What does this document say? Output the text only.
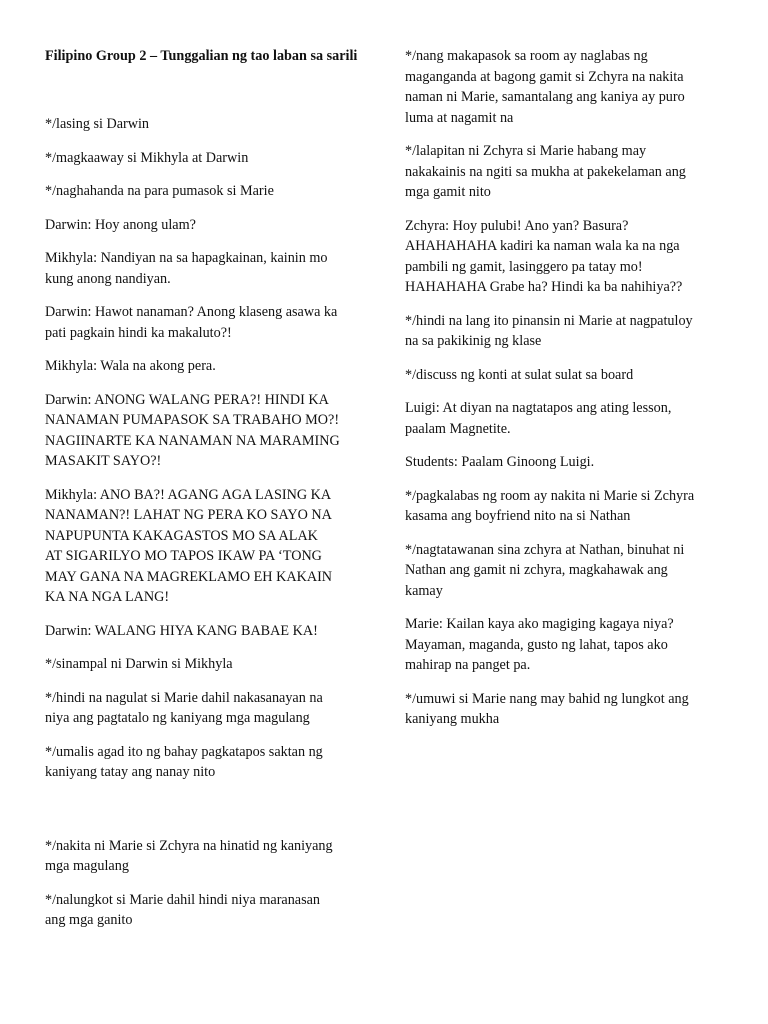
Filipino Group 2 – Tunggalian ng tao laban sa sarili

*/lasing si Darwin

*/magkaaway si Mikhyla at Darwin

*/naghahanda na para pumasok si Marie

Darwin: Hoy anong ulam?

Mikhyla: Nandiyan na sa hapagkainan, kainin mo
kung anong nandiyan.

Darwin: Hawot nanaman? Anong klaseng asawa ka
pati pagkain hindi ka makaluto?!

Mikhyla: Wala na akong pera.

Darwin: ANONG WALANG PERA?! HINDI KA
NANAMAN PUMAPASOK SA TRABAHO MO?!
NAGIINARTE KA NANAMAN NA MARAMING
MASAKIT SAYO?!

Mikhyla: ANO BA?! AGANG AGA LASING KA
NANAMAN?! LAHAT NG PERA KO SAYO NA
NAPUPUNTA KAKAGASTOS MO SA ALAK
AT SIGARILYO MO TAPOS IKAW PA ‘TONG
MAY GANA NA MAGREKLAMO EH KAKAIN
KA NA NGA LANG!

Darwin: WALANG HIYA KANG BABAE KA!

*/sinampal ni Darwin si Mikhyla

*/hindi na nagulat si Marie dahil nakasanayan na
niya ang pagtatalo ng kaniyang mga magulang

*/umalis agad ito ng bahay pagkatapos saktan ng
kaniyang tatay ang nanay nito

*/nakita ni Marie si Zchyra na hinatid ng kaniyang
mga magulang

*/nalungkot si Marie dahil hindi niya maranasan
ang mga ganito

*/nang makapasok sa room ay naglabas ng
maganganda at bagong gamit si Zchyra na nakita
naman ni Marie, samantalang ang kaniya ay puro
luma at nagamit na

*/lalapitan ni Zchyra si Marie habang may
nakakainis na ngiti sa mukha at pakekelaman ang
mga gamit nito

Zchyra: Hoy pulubi! Ano yan? Basura?
AHAHAHAHA kadiri ka naman wala ka na nga
pambili ng gamit, lasinggero pa tatay mo!
HAHAHAHA Grabe ha? Hindi ka ba nahihiya??

*/hindi na lang ito pinansin ni Marie at nagpatuloy
na sa pakikinig ng klase

*/discuss ng konti at sulat sulat sa board

Luigi: At diyan na nagtatapos ang ating lesson,
paalam Magnetite.

Students: Paalam Ginoong Luigi.

*/pagkalabas ng room ay nakita ni Marie si Zchyra
kasama ang boyfriend nito na si Nathan

*/nagtatawanan sina zchyra at Nathan, binuhat ni
Nathan ang gamit ni zchyra, magkahawak ang
kamay

Marie: Kailan kaya ako magiging kagaya niya?
Mayaman, maganda, gusto ng lahat, tapos ako
mahirap na panget pa.

*/umuwi si Marie nang may bahid ng lungkot ang
kaniyang mukha
